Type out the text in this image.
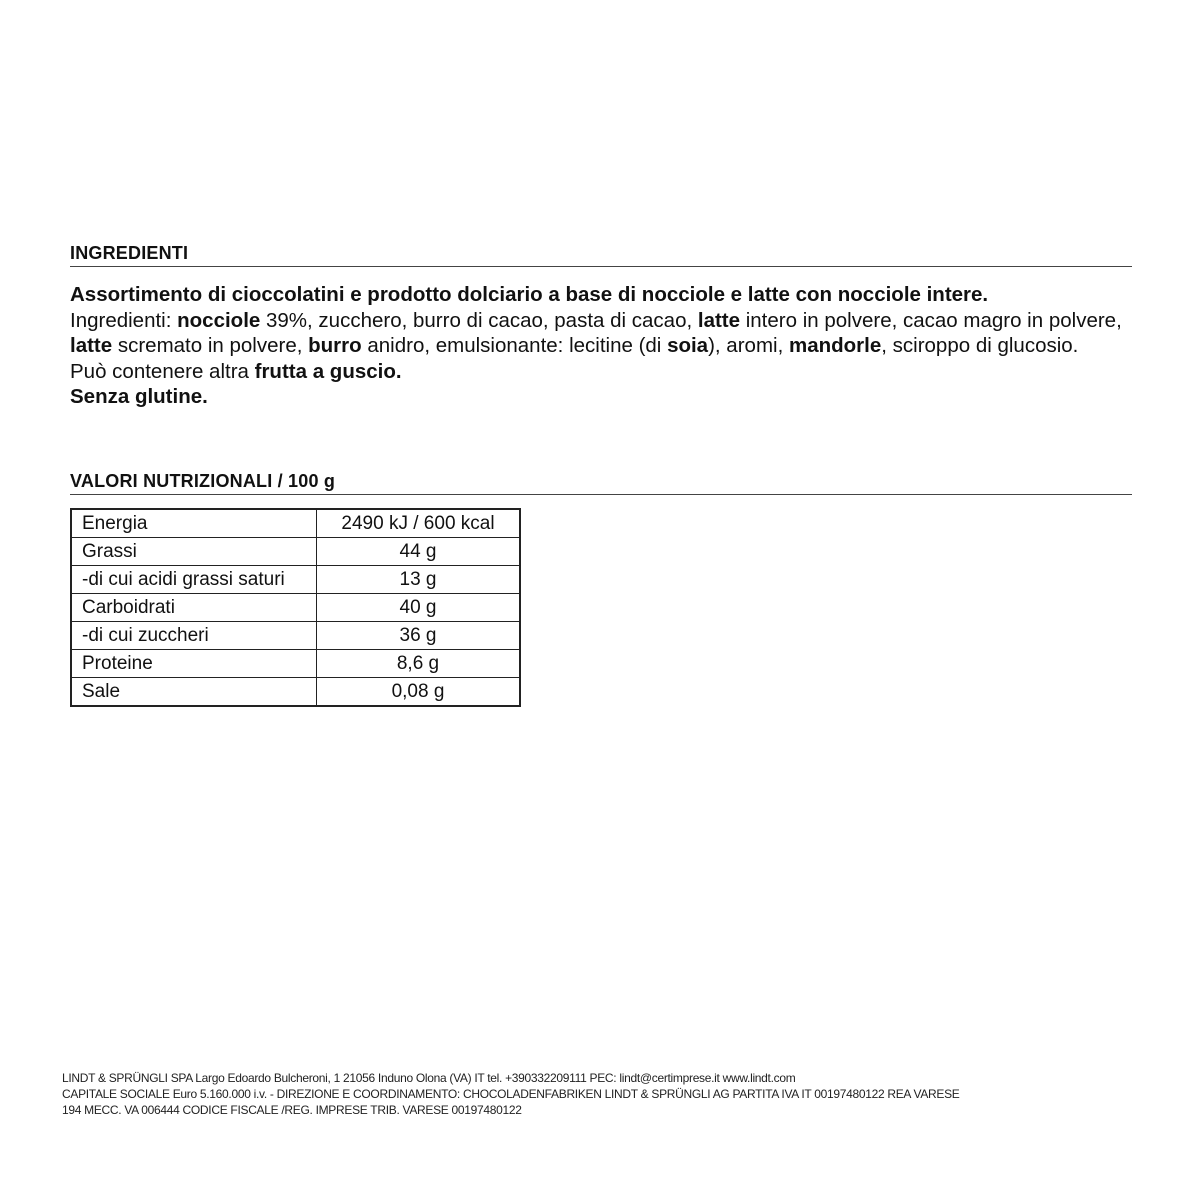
INGREDIENTI

Assortimento di cioccolatini e prodotto dolciario a base di nocciole e latte con nocciole intere.

Ingredienti: nocciole 39%, zucchero, burro di cacao, pasta di cacao, latte intero in polvere, cacao magro in polvere, latte scremato in polvere, burro anidro, emulsionante: lecitine (di soia), aromi, mandorle, sciroppo di glucosio.

Può contenere altra frutta a guscio.

Senza glutine.

VALORI NUTRIZIONALI / 100 g
Energia	2490 kJ / 600 kcal
Grassi	44 g
-di cui acidi grassi saturi	13 g
Carboidrati	40 g
-di cui zuccheri	36 g
Proteine	8,6 g
Sale	0,08 g
LINDT & SPRÜNGLI SPA Largo Edoardo Bulcheroni, 1 21056 Induno Olona (VA) IT tel. +390332209111 PEC: lindt@certimprese.it www.lindt.com
CAPITALE SOCIALE Euro 5.160.000 i.v. - DIREZIONE E COORDINAMENTO: CHOCOLADENFABRIKEN LINDT & SPRÜNGLI AG PARTITA IVA IT 00197480122 REA VARESE
194 MECC. VA 006444 CODICE FISCALE /REG. IMPRESE TRIB. VARESE 00197480122
